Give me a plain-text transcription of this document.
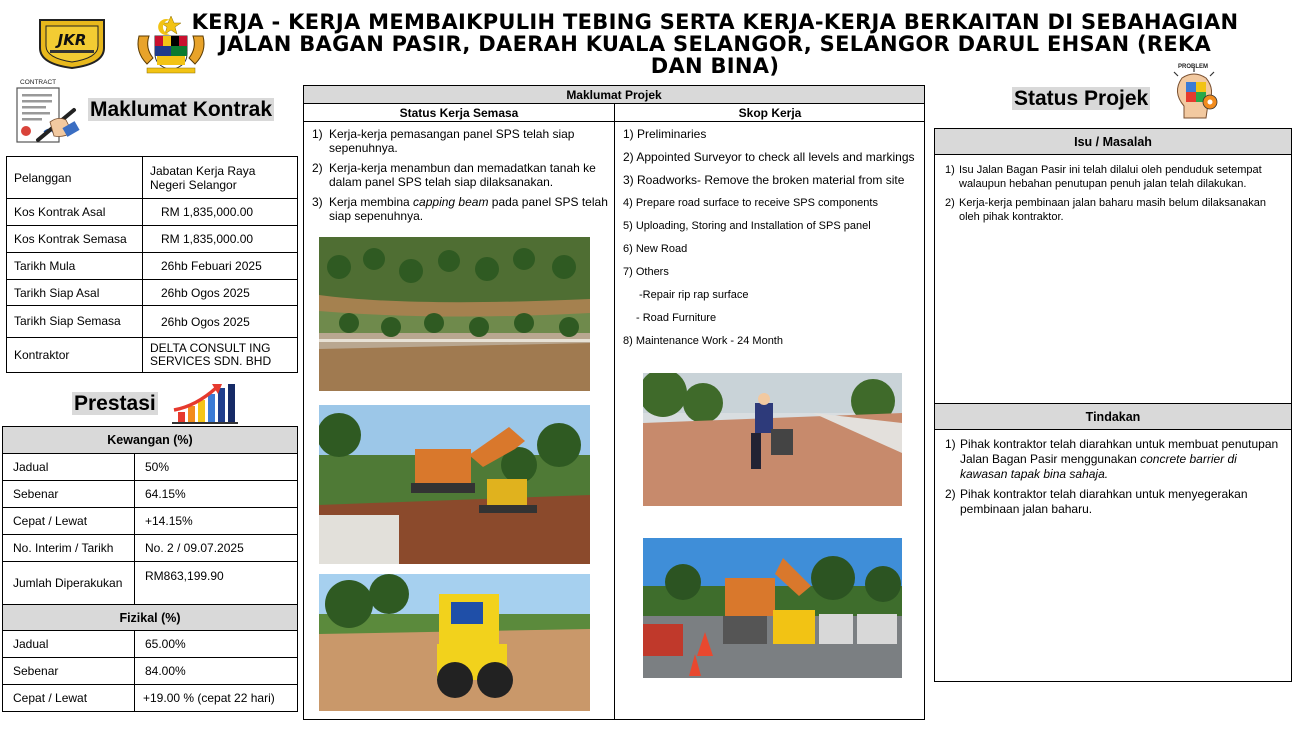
JKR
KERJA - KERJA MEMBAIKPULIH TEBING SERTA KERJA-KERJA BERKAITAN DI SEBAHAGIAN JALAN BAGAN PASIR, DAERAH KUALA SELANGOR, SELANGOR DARUL EHSAN (REKA DAN BINA)
CONTRACT
Maklumat Kontrak
Pelanggan	Jabatan Kerja Raya Negeri Selangor
Kos Kontrak Asal	RM 1,835,000.00
Kos Kontrak Semasa	RM 1,835,000.00
Tarikh Mula	26hb Febuari 2025
Tarikh Siap Asal	26hb Ogos 2025
Tarikh Siap Semasa	26hb Ogos 2025
Kontraktor	DELTA CONSULT ING SERVICES SDN. BHD
Prestasi
Kewangan (%)	
Jadual	50%
Sebenar	64.15%
Cepat / Lewat	+14.15%
No. Interim / Tarikh	No. 2 / 09.07.2025
Jumlah Diperakukan	RM863,199.90
Fizikal (%)	
Jadual	65.00%
Sebenar	84.00%
Cepat / Lewat	+19.00 % (cepat 22 hari)
Maklumat Projek
Status Kerja Semasa	Skop Kerja
1) Kerja-kerja pemasangan panel SPS telah siap sepenuhnya.
2) Kerja-kerja menambun dan memadatkan tanah ke dalam panel SPS telah siap dilaksanakan.
3) Kerja membina capping beam pada panel SPS telah siap sepenuhnya.
1) Preliminaries
2) Appointed Surveyor to check all levels and markings
3) Roadworks- Remove the broken material from site
4) Prepare road surface to receive SPS components
5) Uploading, Storing and Installation of SPS panel
6) New Road
7) Others
-Repair rip rap surface
- Road Furniture
8) Maintenance Work - 24 Month
Status Projek
PROBLEM
Isu / Masalah
1) Isu Jalan Bagan Pasir ini telah dilalui oleh penduduk setempat walaupun hebahan penutupan penuh jalan telah dilakukan.
2) Kerja-kerja pembinaan jalan baharu masih belum dilaksanakan oleh pihak kontraktor.
Tindakan
1) Pihak kontraktor telah diarahkan untuk membuat penutupan Jalan Bagan Pasir menggunakan concrete barrier di kawasan tapak bina sahaja.
2) Pihak kontraktor telah diarahkan untuk menyegerakan pembinaan jalan baharu.
